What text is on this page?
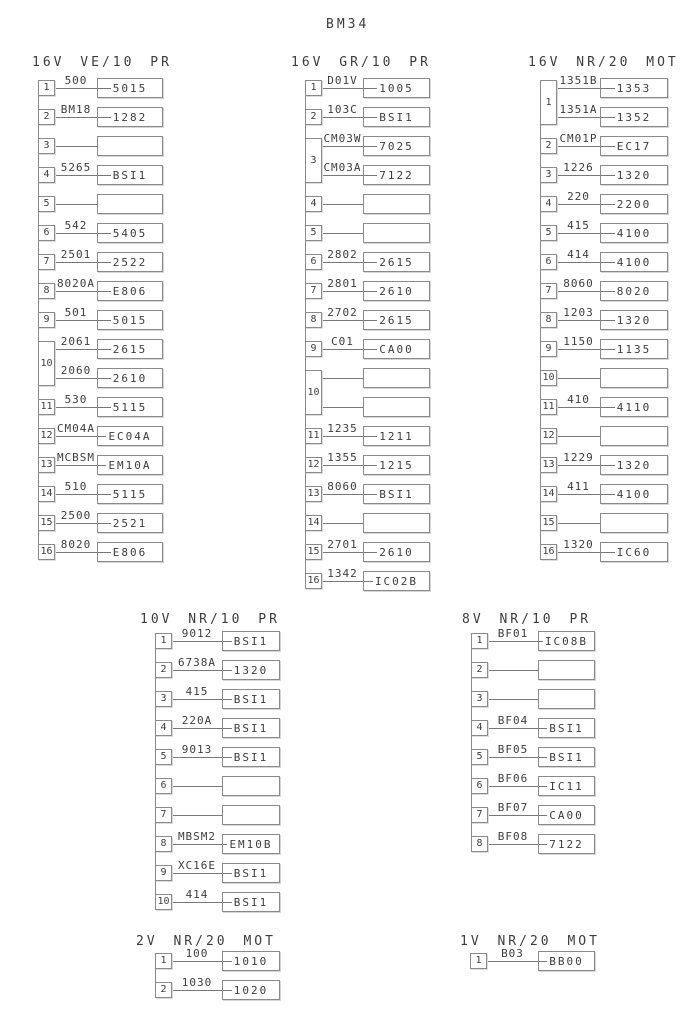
BM34
16V VE/10 PR
1
500
5015
2
BM18
1282
3
4
5265
BSI1
5
6
542
5405
7
2501
2522
8
8020A
E806
9
501
5015
10
2061
2615
2060
2610
11
530
5115
12
CM04A
EC04A
13
MCBSM
EM10A
14
510
5115
15
2500
2521
16
8020
E806
16V GR/10 PR
1
D01V
1005
2
103C
BSI1
3
CM03W
7025
CM03A
7122
4
5
6
2802
2615
7
2801
2610
8
2702
2615
9
C01
CA00
10
11
1235
1211
12
1355
1215
13
8060
BSI1
14
15
2701
2610
16
1342
IC02B
16V NR/20 MOT
1
1351B
1353
1351A
1352
2
CM01P
EC17
3
1226
1320
4
220
2200
5
415
4100
6
414
4100
7
8060
8020
8
1203
1320
9
1150
1135
10
11
410
4110
12
13
1229
1320
14
411
4100
15
16
1320
IC60
10V NR/10 PR
1
9012
BSI1
2
6738A
1320
3
415
BSI1
4
220A
BSI1
5
9013
BSI1
6
7
8
MBSM2
EM10B
9
XC16E
BSI1
10
414
BSI1
8V NR/10 PR
1
BF01
IC08B
2
3
4
BF04
BSI1
5
BF05
BSI1
6
BF06
IC11
7
BF07
CA00
8
BF08
7122
2V NR/20 MOT
1
100
1010
2
1030
1020
1V NR/20 MOT
1
B03
BB00
